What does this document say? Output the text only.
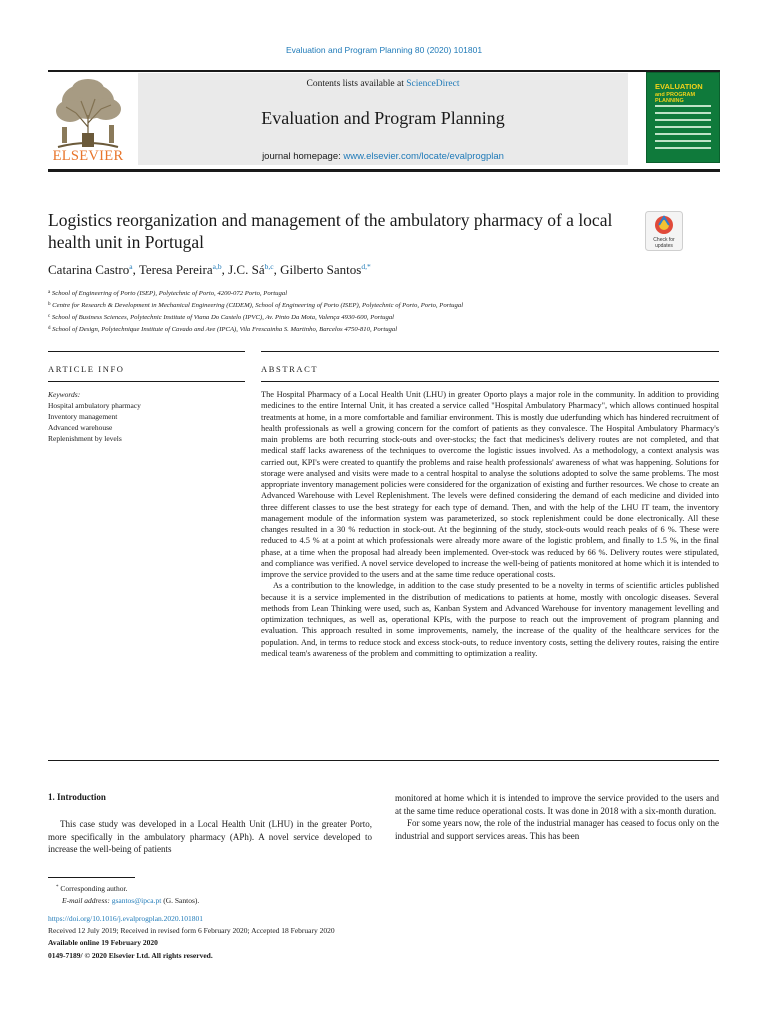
Evaluation and Program Planning 80 (2020) 101801
ELSEVIER
Contents lists available at ScienceDirect
Evaluation and Program Planning
journal homepage: www.elsevier.com/locate/evalprogplan
EVALUATION
and PROGRAM PLANNING
Logistics reorganization and management of the ambulatory pharmacy of a local health unit in Portugal	Check for
updates
Catarina Castro$^a$, Teresa Pereira$^{a,b}$, J.C. Sá$^{b,c}$, Gilberto Santos$^{d,*}$
$^a$ School of Engineering of Porto (ISEP), Polytechnic of Porto, 4200-072 Porto, Portugal
$^b$ Centre for Research & Development in Mechanical Engineering (CIDEM), School of Engineering of Porto (ISEP), Polytechnic of Porto, Porto, Portugal
$^c$ School of Business Sciences, Polytechnic Institute of Viana Do Castelo (IPVC), Av. Pinto Da Mota, Valença 4930-600, Portugal
$^d$ School of Design, Polytechnique Institute of Cavado and Ave (IPCA), Vila Frescainha S. Martinho, Barcelos 4750-810, Portugal
ARTICLE INFO	ABSTRACT
Keywords:
Hospital ambulatory pharmacy
Inventory management
Advanced warehouse
Replenishment by levels

The Hospital Pharmacy of a Local Health Unit (LHU) in greater Oporto plays a major role in the community. In addition to providing medicines to the entire Internal Unit, it has created a service called "Hospital Ambulatory Pharmacy", which allows continued hospital treatments at home, in a more comfortable and familiar environment. This is mostly due uderfunding which has hindered recruitment of health professionals as well a growing concern for the comfort of patients as they convalesce. The Hospital Ambulatory Pharmacy's main problems are both recurring stock-outs and over-stocks; the fact that medicines's delivery routes are not completed, and that medical staff lacks awareness of the techniques to overcome the logistic issues involved. As a methodology, a context analysis was carried out, KPI's were created to quantify the problems and raise health professionals' awareness of what was happening. Solutions for storage were analysed and visits were made to a central hospital to analyse the solutions adopted to solve the same problems. The most appropriate inventory management policies were considered for the organization of existing and further resources. We chose to create an Advanced Warehouse with Level Replenishment. The levels were defined considering the demand of each medicine and divided into three different classes to use the best strategy for each type of demand. Then, and with the help of the LHU IT team, the inventory management module of the information system was parameterized, so stock replenishment could be done electronically. All these changes resulted in a 30 % reduction in stock-out. At the beginning of the study, stock-outs would reach peaks of 6 %. These were reduced to 4.5 % at a point at which professionals were already more aware of the logistic problem, and finally to 1.5 %, in the final phase, at a time when the proposal had already been implemented. Over-stock was reduced by 66 %. Delivery routes were stipulated, and compliance was verified. A novel service developed to increase the well-being of patients monitored at home which it is intended to improve the service provided to the users and at the same time reduce operational costs.

As a contribution to the knowledge, in addition to the case study presented to be a novelty in terms of scientific articles published because it is a service implemented in the distribution of medications to patients at home, mostly with oncologic diseases. Several methods from Lean Thinking were used, such as, Kanban System and Advanced Warehouse for inventory management levelling and optimization techniques, as well as, operational KPIs, with the purpose to reach out the improvement of program planning and evaluation. This approach resulted in some improvements, namely, the increase of the quality of the healthcare services for the population. And, in terms to reduce stock and excess stock-outs, to reduce inventory costs, setting the delivery routes, raising the entire medical team's awareness of the problem and committing to optimization a reality.

1. Introduction
This case study was developed in a Local Health Unit (LHU) in the greater Porto, more specifically in the ambulatory pharmacy (APh). A novel service developed to increase the well-being of patients
monitored at home which it is intended to improve the service provided to the users and at the same time reduce operational costs. It was done in 2018 with a six-month duration.
For some years now, the role of the industrial manager has ceased to focus only on the industrial and support services areas. This has been
* Corresponding author.
E-mail address: gsantos@ipca.pt (G. Santos).
https://doi.org/10.1016/j.evalprogplan.2020.101801
Received 12 July 2019; Received in revised form 6 February 2020; Accepted 18 February 2020
Available online 19 February 2020
0149-7189/ © 2020 Elsevier Ltd. All rights reserved.
